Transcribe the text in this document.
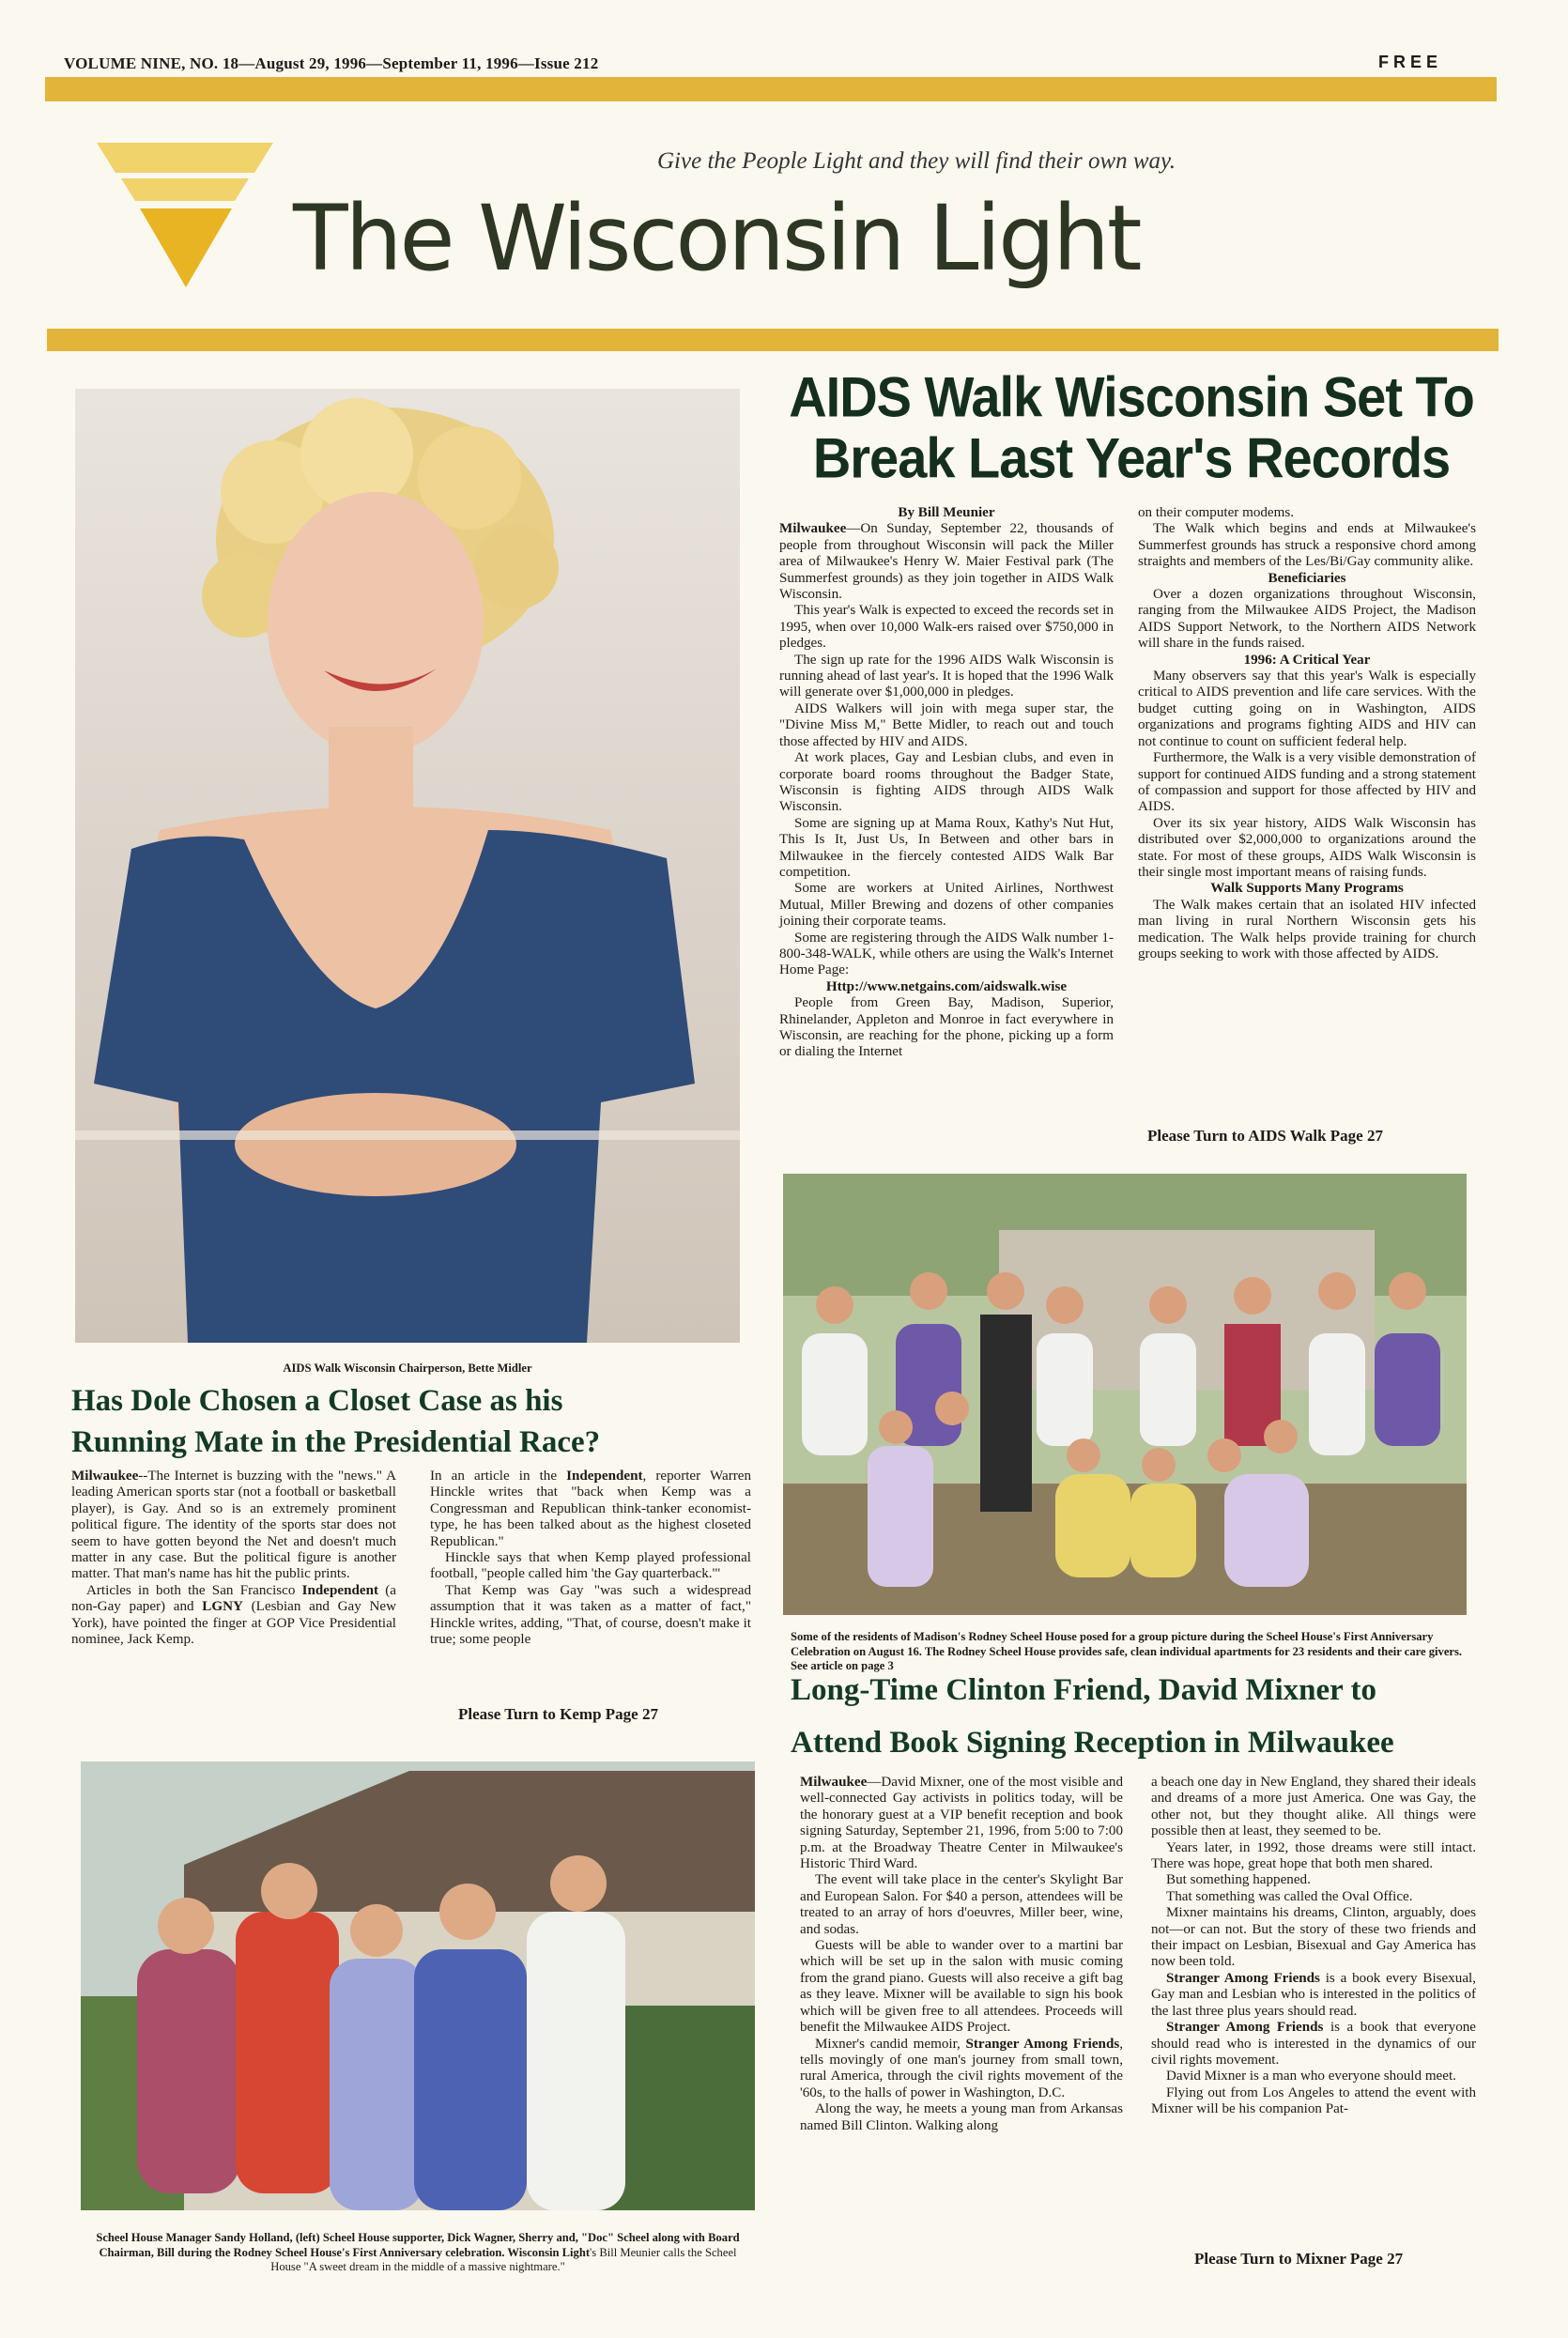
VOLUME NINE, NO. 18—August 29, 1996—September 11, 1996—Issue 212	FREE
Give the People Light and they will find their own way.
The Wisconsin Light
AIDS Walk Wisconsin Chairperson, Bette Midler
AIDS Walk Wisconsin Set To
Break Last Year's Records

By Bill Meunier

Milwaukee—On Sunday, September 22, thousands of people from throughout Wisconsin will pack the Miller area of Milwaukee's Henry W. Maier Festival park (The Summerfest grounds) as they join together in AIDS Walk Wisconsin.

This year's Walk is expected to exceed the records set in 1995, when over 10,000 Walk-ers raised over $750,000 in pledges.

The sign up rate for the 1996 AIDS Walk Wisconsin is running ahead of last year's. It is hoped that the 1996 Walk will generate over $1,000,000 in pledges.

AIDS Walkers will join with mega super star, the "Divine Miss M," Bette Midler, to reach out and touch those affected by HIV and AIDS.

At work places, Gay and Lesbian clubs, and even in corporate board rooms throughout the Badger State, Wisconsin is fighting AIDS through AIDS Walk Wisconsin.

Some are signing up at Mama Roux, Kathy's Nut Hut, This Is It, Just Us, In Between and other bars in Milwaukee in the fiercely contested AIDS Walk Bar competition.

Some are workers at United Airlines, Northwest Mutual, Miller Brewing and dozens of other companies joining their corporate teams.

Some are registering through the AIDS Walk number 1-800-348-WALK, while others are using the Walk's Internet Home Page:

Http://www.netgains.com/aidswalk.wise

People from Green Bay, Madison, Superior, Rhinelander, Appleton and Monroe in fact everywhere in Wisconsin, are reaching for the phone, picking up a form or dialing the Internet

on their computer modems.

The Walk which begins and ends at Milwaukee's Summerfest grounds has struck a responsive chord among straights and members of the Les/Bi/Gay community alike.

Beneficiaries

Over a dozen organizations throughout Wisconsin, ranging from the Milwaukee AIDS Project, the Madison AIDS Support Network, to the Northern AIDS Network will share in the funds raised.

1996: A Critical Year

Many observers say that this year's Walk is especially critical to AIDS prevention and life care services. With the budget cutting going on in Washington, AIDS organizations and programs fighting AIDS and HIV can not continue to count on sufficient federal help.

Furthermore, the Walk is a very visible demonstration of support for continued AIDS funding and a strong statement of compassion and support for those affected by HIV and AIDS.

Over its six year history, AIDS Walk Wisconsin has distributed over $2,000,000 to organizations around the state. For most of these groups, AIDS Walk Wisconsin is their single most important means of raising funds.

Walk Supports Many Programs

The Walk makes certain that an isolated HIV infected man living in rural Northern Wisconsin gets his medication. The Walk helps provide training for church groups seeking to work with those affected by AIDS.

Please Turn to AIDS Walk Page 27
Some of the residents of Madison's Rodney Scheel House posed for a group picture during the Scheel House's First Anniversary Celebration on August 16. The Rodney Scheel House provides safe, clean individual apartments for 23 residents and their care givers. See article on page 3
Has Dole Chosen a Closet Case as his
Running Mate in the Presidential Race?

Milwaukee--The Internet is buzzing with the "news." A leading American sports star (not a football or basketball player), is Gay. And so is an extremely prominent political figure. The identity of the sports star does not seem to have gotten beyond the Net and doesn't much matter in any case. But the political figure is another matter. That man's name has hit the public prints.

Articles in both the San Francisco Independent (a non-Gay paper) and LGNY (Lesbian and Gay New York), have pointed the finger at GOP Vice Presidential nominee, Jack Kemp.

In an article in the Independent, reporter Warren Hinckle writes that "back when Kemp was a Congressman and Republican think-tanker economist-type, he has been talked about as the highest closeted Republican."

Hinckle says that when Kemp played professional football, "people called him 'the Gay quarterback.'"

That Kemp was Gay "was such a widespread assumption that it was taken as a matter of fact," Hinckle writes, adding, "That, of course, doesn't make it true; some people

Please Turn to Kemp Page 27
Scheel House Manager Sandy Holland, (left) Scheel House supporter, Dick Wagner, Sherry and, "Doc" Scheel along with Board Chairman, Bill during the Rodney Scheel House's First Anniversary celebration. Wisconsin Light's Bill Meunier calls the Scheel House "A sweet dream in the middle of a massive nightmare."
Long-Time Clinton Friend, David Mixner to
Attend Book Signing Reception in Milwaukee

Milwaukee—David Mixner, one of the most visible and well-connected Gay activists in politics today, will be the honorary guest at a VIP benefit reception and book signing Saturday, September 21, 1996, from 5:00 to 7:00 p.m. at the Broadway Theatre Center in Milwaukee's Historic Third Ward.

The event will take place in the center's Skylight Bar and European Salon. For $40 a person, attendees will be treated to an array of hors d'oeuvres, Miller beer, wine, and sodas.

Guests will be able to wander over to a martini bar which will be set up in the salon with music coming from the grand piano. Guests will also receive a gift bag as they leave. Mixner will be available to sign his book which will be given free to all attendees. Proceeds will benefit the Milwaukee AIDS Project.

Mixner's candid memoir, Stranger Among Friends, tells movingly of one man's journey from small town, rural America, through the civil rights movement of the '60s, to the halls of power in Washington, D.C.

Along the way, he meets a young man from Arkansas named Bill Clinton. Walking along

a beach one day in New England, they shared their ideals and dreams of a more just America. One was Gay, the other not, but they thought alike. All things were possible then at least, they seemed to be.

Years later, in 1992, those dreams were still intact. There was hope, great hope that both men shared.

But something happened.

That something was called the Oval Office.

Mixner maintains his dreams, Clinton, arguably, does not—or can not. But the story of these two friends and their impact on Lesbian, Bisexual and Gay America has now been told.

Stranger Among Friends is a book every Bisexual, Gay man and Lesbian who is interested in the politics of the last three plus years should read.

Stranger Among Friends is a book that everyone should read who is interested in the dynamics of our civil rights movement.

David Mixner is a man who everyone should meet.

Flying out from Los Angeles to attend the event with Mixner will be his companion Pat-

Please Turn to Mixner Page 27
